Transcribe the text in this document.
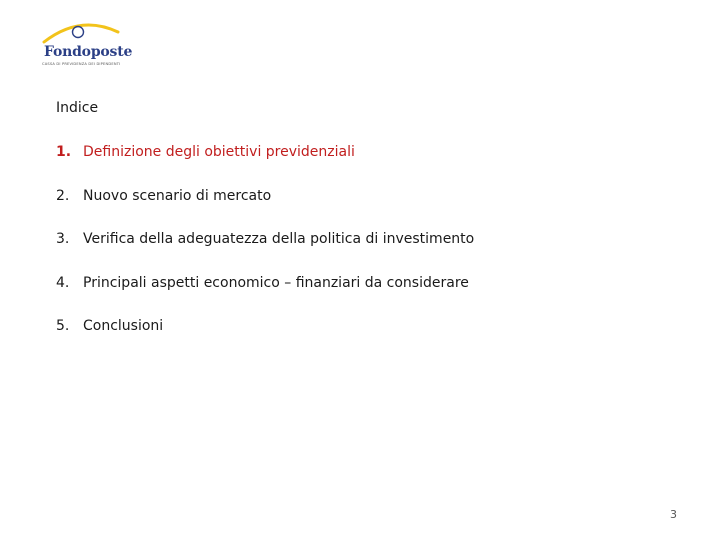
Fondoposte
CASSA DI PREVIDENZA DEI DIPENDENTI
Indice
1. Definizione degli obiettivi previdenziali
2. Nuovo scenario di mercato
3. Verifica della adeguatezza della politica di investimento
4. Principali aspetti economico – finanziari da considerare
5. Conclusioni
3
